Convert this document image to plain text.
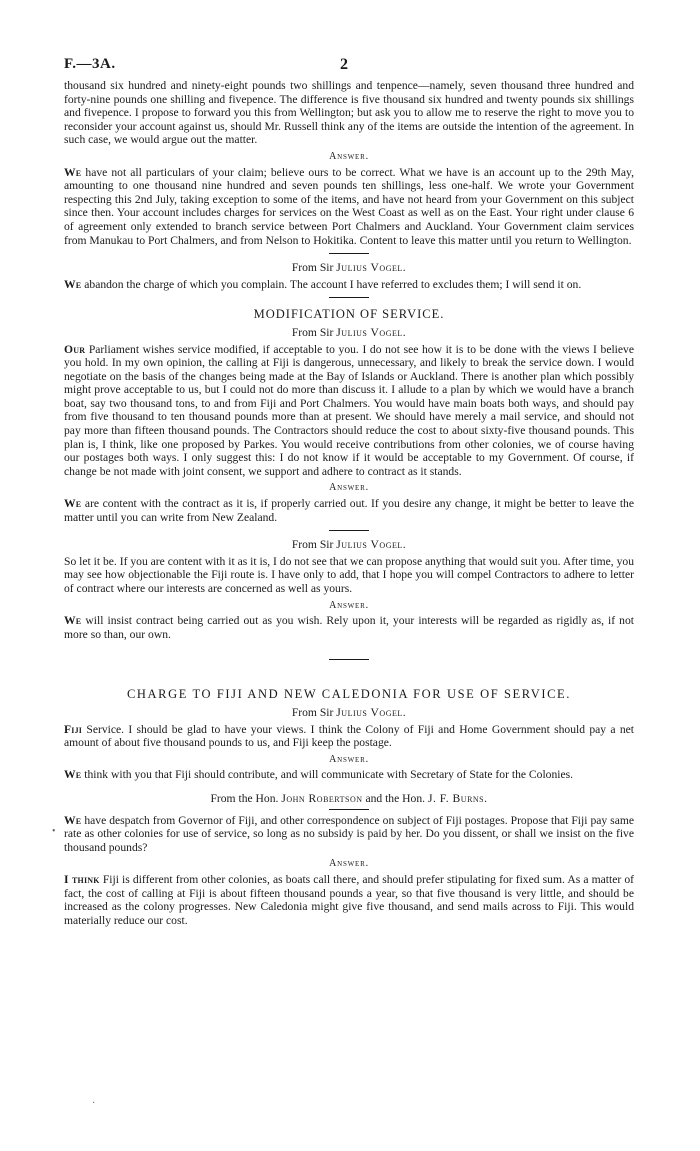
F.—3A.	2

thousand six hundred and ninety-eight pounds two shillings and tenpence—namely, seven thousand three hundred and forty-nine pounds one shilling and fivepence. The difference is five thousand six hundred and twenty pounds six shillings and fivepence. I propose to forward you this from Wellington; but ask you to allow me to reserve the right to move you to reconsider your account against us, should Mr. Russell think any of the items are outside the intention of the agreement. In such case, we would argue out the matter.

Answer.

We have not all particulars of your claim; believe ours to be correct. What we have is an account up to the 29th May, amounting to one thousand nine hundred and seven pounds ten shillings, less one-half. We wrote your Government respecting this 2nd July, taking exception to some of the items, and have not heard from your Government on this subject since then. Your account includes charges for services on the West Coast as well as on the East. Your right under clause 6 of agreement only extended to branch service between Port Chalmers and Auckland. Your Government claim services from Manukau to Port Chalmers, and from Nelson to Hokitika. Content to leave this matter until you return to Wellington.

From Sir Julius Vogel.

We abandon the charge of which you complain. The account I have referred to excludes them; I will send it on.

MODIFICATION OF SERVICE.
From Sir Julius Vogel.

Our Parliament wishes service modified, if acceptable to you. I do not see how it is to be done with the views I believe you hold. In my own opinion, the calling at Fiji is dangerous, unnecessary, and likely to break the service down. I would negotiate on the basis of the changes being made at the Bay of Islands or Auckland. There is another plan which possibly might prove acceptable to us, but I could not do more than discuss it. I allude to a plan by which we would have a branch boat, say two thousand tons, to and from Fiji and Port Chalmers. You would have main boats both ways, and should pay from five thousand to ten thousand pounds more than at present. We should have merely a mail service, and should not pay more than fifteen thousand pounds. The Contractors should reduce the cost to about sixty-five thousand pounds. This plan is, I think, like one proposed by Parkes. You would receive contributions from other colonies, we of course having our postages both ways. I only suggest this: I do not know if it would be acceptable to my Government. Of course, if change be not made with joint consent, we support and adhere to contract as it stands.

Answer.

We are content with the contract as it is, if properly carried out. If you desire any change, it might be better to leave the matter until you can write from New Zealand.

From Sir Julius Vogel.

So let it be. If you are content with it as it is, I do not see that we can propose anything that would suit you. After time, you may see how objectionable the Fiji route is. I have only to add, that I hope you will compel Contractors to adhere to letter of contract where our interests are concerned as well as yours.

Answer.

We will insist contract being carried out as you wish. Rely upon it, your interests will be regarded as rigidly as, if not more so than, our own.

CHARGE TO FIJI AND NEW CALEDONIA FOR USE OF SERVICE.
From Sir Julius Vogel.

Fiji Service. I should be glad to have your views. I think the Colony of Fiji and Home Government should pay a net amount of about five thousand pounds to us, and Fiji keep the postage.

Answer.

We think with you that Fiji should contribute, and will communicate with Secretary of State for the Colonies.

From the Hon. John Robertson and the Hon. J. F. Burns.

We have despatch from Governor of Fiji, and other correspondence on subject of Fiji postages. Propose that Fiji pay same rate as other colonies for use of service, so long as no subsidy is paid by her. Do you dissent, or shall we insist on the five thousand pounds?

Answer.

I think Fiji is different from other colonies, as boats call there, and should prefer stipulating for fixed sum. As a matter of fact, the cost of calling at Fiji is about fifteen thousand pounds a year, so that five thousand is very little, and should be increased as the colony progresses. New Caledonia might give five thousand, and send mails across to Fiji. This would materially reduce our cost.

•
·
